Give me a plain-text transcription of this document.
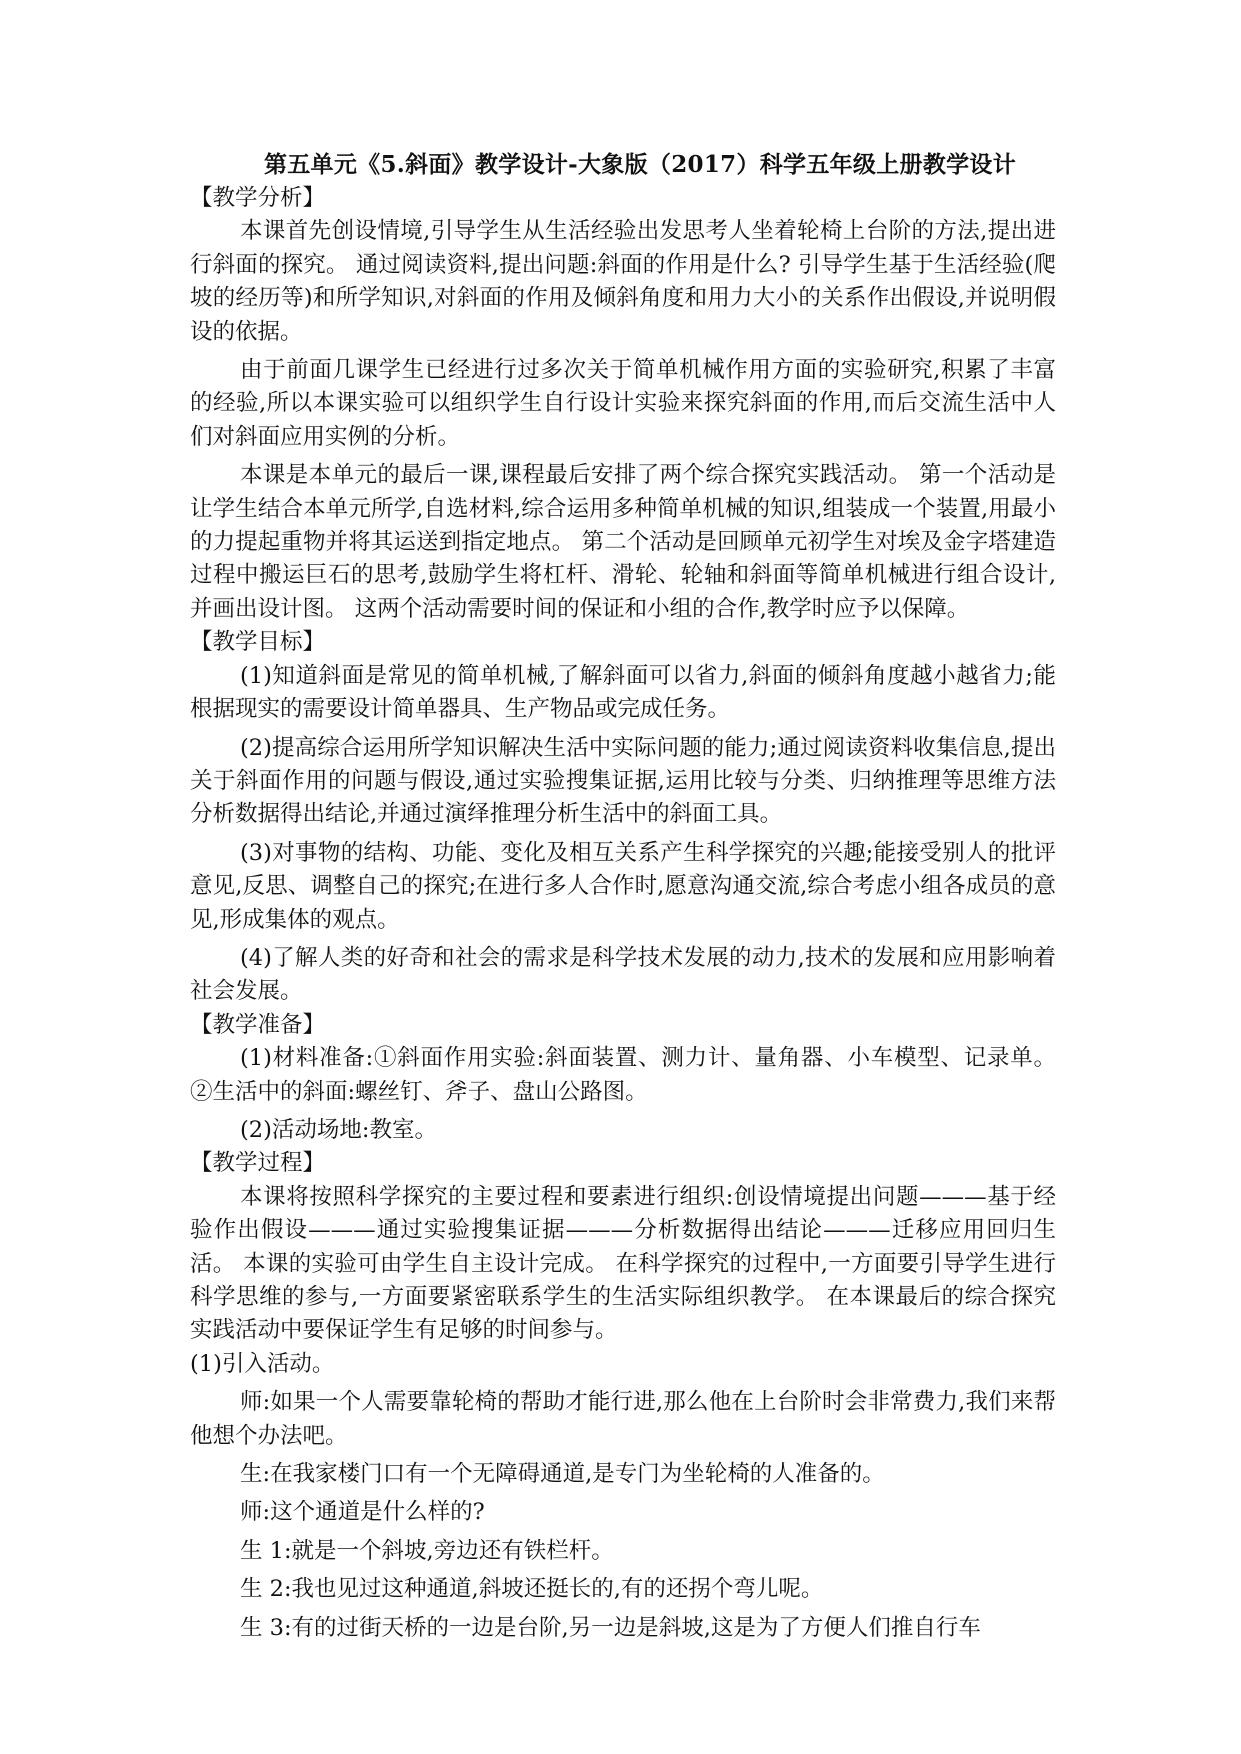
第五单元《5.斜面》教学设计-大象版（2017）科学五年级上册教学设计

【教学分析】

本课首先创设情境,引导学生从生活经验出发思考人坐着轮椅上台阶的方法,提出进行斜面的探究。 通过阅读资料,提出问题:斜面的作用是什么? 引导学生基于生活经验(爬坡的经历等)和所学知识,对斜面的作用及倾斜角度和用力大小的关系作出假设,并说明假设的依据。

由于前面几课学生已经进行过多次关于简单机械作用方面的实验研究,积累了丰富的经验,所以本课实验可以组织学生自行设计实验来探究斜面的作用,而后交流生活中人们对斜面应用实例的分析。

本课是本单元的最后一课,课程最后安排了两个综合探究实践活动。 第一个活动是让学生结合本单元所学,自选材料,综合运用多种简单机械的知识,组装成一个装置,用最小的力提起重物并将其运送到指定地点。 第二个活动是回顾单元初学生对埃及金字塔建造过程中搬运巨石的思考,鼓励学生将杠杆、滑轮、轮轴和斜面等简单机械进行组合设计,并画出设计图。 这两个活动需要时间的保证和小组的合作,教学时应予以保障。

【教学目标】

(1)知道斜面是常见的简单机械,了解斜面可以省力,斜面的倾斜角度越小越省力;能根据现实的需要设计简单器具、生产物品或完成任务。

(2)提高综合运用所学知识解决生活中实际问题的能力;通过阅读资料收集信息,提出关于斜面作用的问题与假设,通过实验搜集证据,运用比较与分类、归纳推理等思维方法分析数据得出结论,并通过演绎推理分析生活中的斜面工具。

(3)对事物的结构、功能、变化及相互关系产生科学探究的兴趣;能接受别人的批评意见,反思、调整自己的探究;在进行多人合作时,愿意沟通交流,综合考虑小组各成员的意见,形成集体的观点。

(4)了解人类的好奇和社会的需求是科学技术发展的动力,技术的发展和应用影响着社会发展。

【教学准备】

(1)材料准备:①斜面作用实验:斜面装置、测力计、量角器、小车模型、记录单。 ②生活中的斜面:螺丝钉、斧子、盘山公路图。

(2)活动场地:教室。

【教学过程】

本课将按照科学探究的主要过程和要素进行组织:创设情境提出问题———基于经验作出假设———通过实验搜集证据———分析数据得出结论———迁移应用回归生活。 本课的实验可由学生自主设计完成。 在科学探究的过程中,一方面要引导学生进行科学思维的参与,一方面要紧密联系学生的生活实际组织教学。 在本课最后的综合探究实践活动中要保证学生有足够的时间参与。

(1)引入活动。

师:如果一个人需要靠轮椅的帮助才能行进,那么他在上台阶时会非常费力,我们来帮他想个办法吧。

生:在我家楼门口有一个无障碍通道,是专门为坐轮椅的人准备的。

师:这个通道是什么样的?

生 1:就是一个斜坡,旁边还有铁栏杆。

生 2:我也见过这种通道,斜坡还挺长的,有的还拐个弯儿呢。

生 3:有的过街天桥的一边是台阶,另一边是斜坡,这是为了方便人们推自行车
